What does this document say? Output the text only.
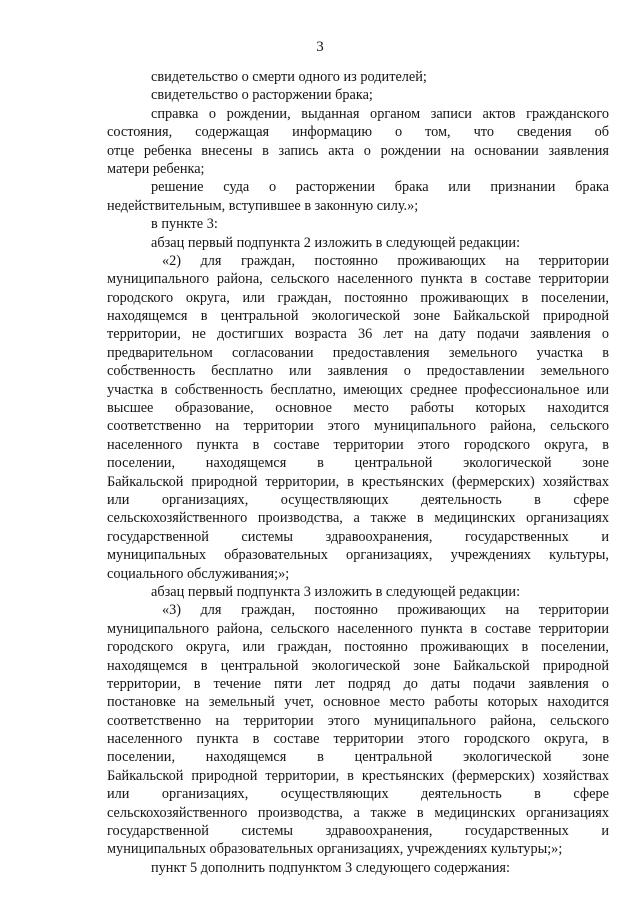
3
свидетельство о смерти одного из родителей;
свидетельство о расторжении брака;
справка о рождении, выданная органом записи актов гражданского
состояния, содержащая информацию о том, что сведения об
отце ребенка внесены в запись акта о рождении на основании заявления
матери ребенка;
решение суда о расторжении брака или признании брака
недействительным, вступившее в законную силу.»;
в пункте 3:
абзац первый подпункта 2 изложить в следующей редакции:
«2) для граждан, постоянно проживающих на территории
муниципального района, сельского населенного пункта в составе территории
городского округа, или граждан, постоянно проживающих в поселении,
находящемся в центральной экологической зоне Байкальской природной
территории, не достигших возраста 36 лет на дату подачи заявления о
предварительном согласовании предоставления земельного участка в
собственность бесплатно или заявления о предоставлении земельного
участка в собственность бесплатно, имеющих среднее профессиональное или
высшее образование, основное место работы которых находится
соответственно на территории этого муниципального района, сельского
населенного пункта в составе территории этого городского округа, в
поселении, находящемся в центральной экологической зоне
Байкальской природной территории, в крестьянских (фермерских) хозяйствах
или организациях, осуществляющих деятельность в сфере
сельскохозяйственного производства, а также в медицинских организациях
государственной системы здравоохранения, государственных и
муниципальных образовательных организациях, учреждениях культуры,
социального обслуживания;»;
абзац первый подпункта 3 изложить в следующей редакции:
«3) для граждан, постоянно проживающих на территории
муниципального района, сельского населенного пункта в составе территории
городского округа, или граждан, постоянно проживающих в поселении,
находящемся в центральной экологической зоне Байкальской природной
территории, в течение пяти лет подряд до даты подачи заявления о
постановке на земельный учет, основное место работы которых находится
соответственно на территории этого муниципального района, сельского
населенного пункта в составе территории этого городского округа, в
поселении, находящемся в центральной экологической зоне
Байкальской природной территории, в крестьянских (фермерских) хозяйствах
или организациях, осуществляющих деятельность в сфере
сельскохозяйственного производства, а также в медицинских организациях
государственной системы здравоохранения, государственных и
муниципальных образовательных организациях, учреждениях культуры;»;
пункт 5 дополнить подпунктом 3 следующего содержания:
